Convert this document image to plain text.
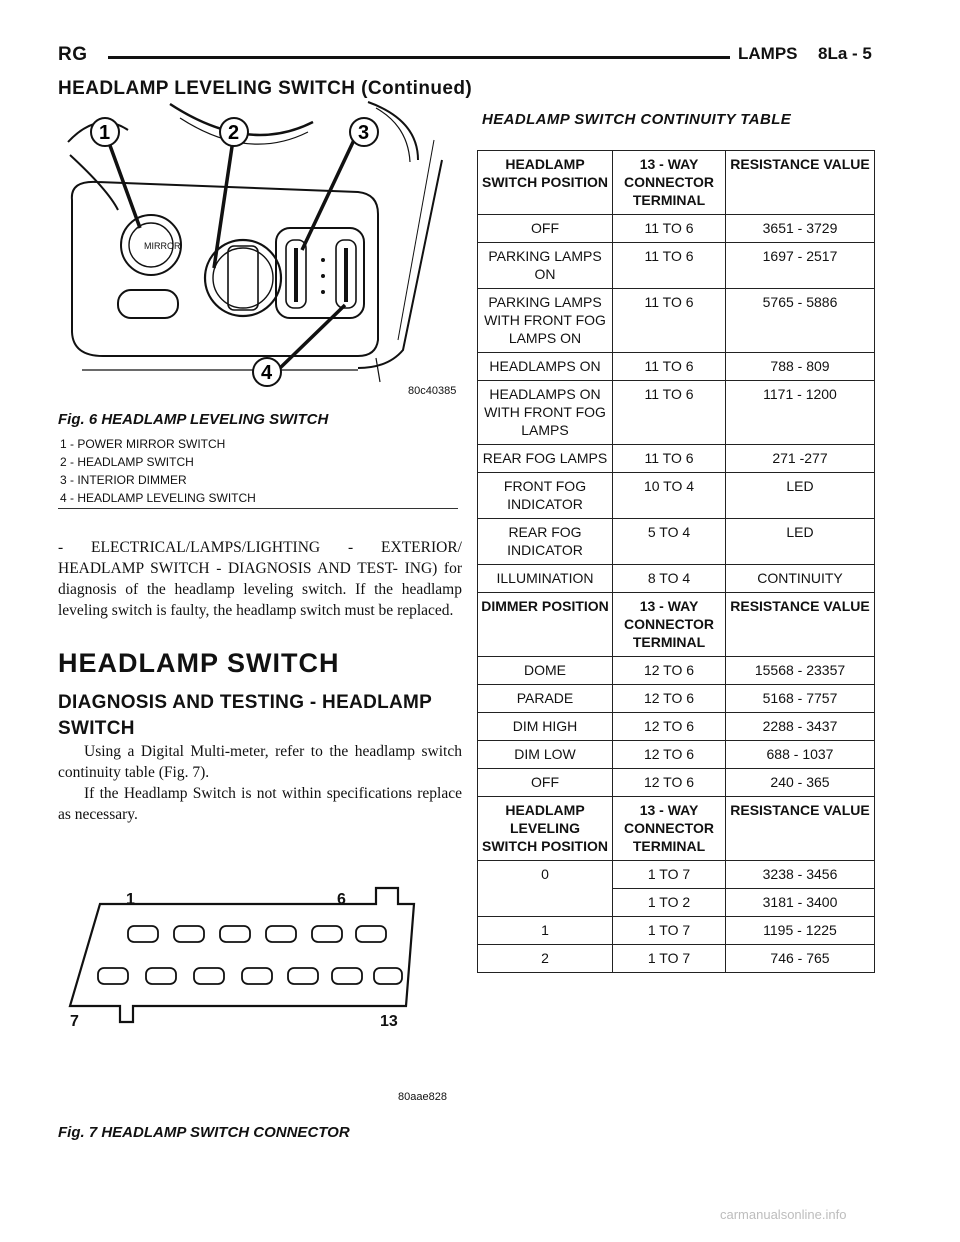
RG	LAMPS 8La - 5
HEADLAMP LEVELING SWITCH (Continued)
MIRROR
1	2	3
4
80c40385
Fig. 6 HEADLAMP LEVELING SWITCH
1 - POWER MIRROR SWITCH
2 - HEADLAMP SWITCH
3 - INTERIOR DIMMER
4 - HEADLAMP LEVELING SWITCH

- ELECTRICAL/LAMPS/LIGHTING - EXTERIOR/ HEADLAMP SWITCH - DIAGNOSIS AND TEST- ING) for diagnosis of the headlamp leveling switch. If the headlamp leveling switch is faulty, the headlamp switch must be replaced.

HEADLAMP SWITCH
DIAGNOSIS AND TESTING - HEADLAMP SWITCH

Using a Digital Multi-meter, refer to the headlamp switch continuity table (Fig. 7).

If the Headlamp Switch is not within specifications replace as necessary.

1	6
7	13
80aae828
Fig. 7 HEADLAMP SWITCH CONNECTOR
HEADLAMP SWITCH CONTINUITY TABLE
HEADLAMP SWITCH POSITION	13 - WAY CONNECTOR TERMINAL	RESISTANCE VALUE
OFF	11 TO 6	3651 - 3729
PARKING LAMPS ON	11 TO 6	1697 - 2517
PARKING LAMPS WITH FRONT FOG LAMPS ON	11 TO 6	5765 - 5886
HEADLAMPS ON	11 TO 6	788 - 809
HEADLAMPS ON WITH FRONT FOG LAMPS	11 TO 6	1171 - 1200
REAR FOG LAMPS	11 TO 6	271 -277
FRONT FOG INDICATOR	10 TO 4	LED
REAR FOG INDICATOR	5 TO 4	LED
ILLUMINATION	8 TO 4	CONTINUITY
DIMMER POSITION	13 - WAY CONNECTOR TERMINAL	RESISTANCE VALUE
DOME	12 TO 6	15568 - 23357
PARADE	12 TO 6	5168 - 7757
DIM HIGH	12 TO 6	2288 - 3437
DIM LOW	12 TO 6	688 - 1037
OFF	12 TO 6	240 - 365
HEADLAMP LEVELING SWITCH POSITION	13 - WAY CONNECTOR TERMINAL	RESISTANCE VALUE
0	1 TO 7	3238 - 3456
	1 TO 2	3181 - 3400
1	1 TO 7	1195 - 1225
2	1 TO 7	746 - 765
carmanualsonline.info
